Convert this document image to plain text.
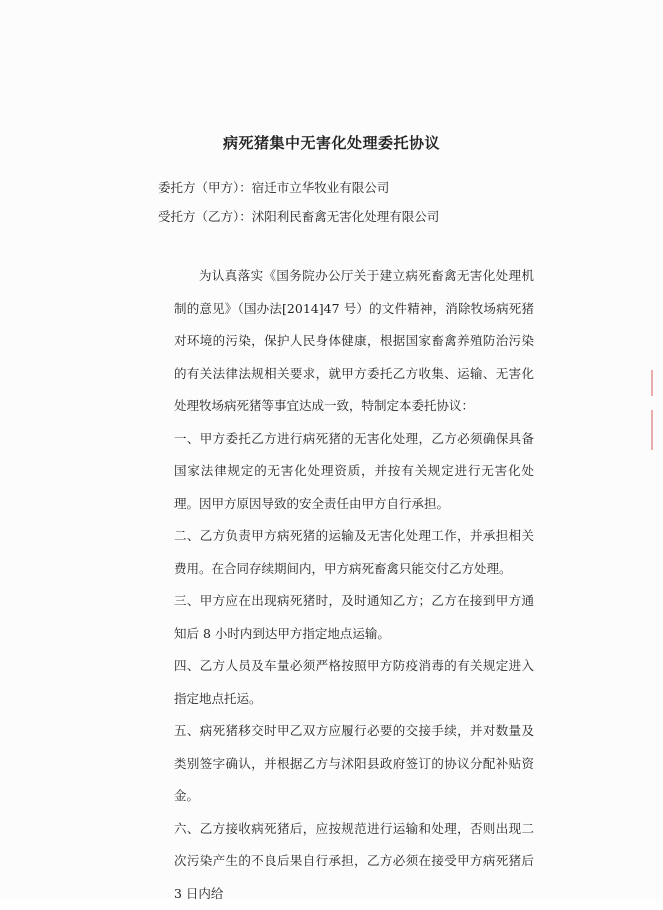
病死猪集中无害化处理委托协议
委托方（甲方）：宿迁市立华牧业有限公司
受托方（乙方）：沭阳利民畜禽无害化处理有限公司

为认真落实《国务院办公厅关于建立病死畜禽无害化处理机制的意见》（国办法[2014]47 号）的文件精神，消除牧场病死猪对环境的污染，保护人民身体健康，根据国家畜禽养殖防治污染的有关法律法规相关要求，就甲方委托乙方收集、运输、无害化处理牧场病死猪等事宜达成一致，特制定本委托协议：

一、甲方委托乙方进行病死猪的无害化处理，乙方必须确保具备国家法律规定的无害化处理资质，并按有关规定进行无害化处理。因甲方原因导致的安全责任由甲方自行承担。

二、乙方负责甲方病死猪的运输及无害化处理工作，并承担相关费用。在合同存续期间内，甲方病死畜禽只能交付乙方处理。

三、甲方应在出现病死猪时，及时通知乙方；乙方在接到甲方通知后 8 小时内到达甲方指定地点运输。

四、乙方人员及车量必须严格按照甲方防疫消毒的有关规定进入指定地点托运。

五、病死猪移交时甲乙双方应履行必要的交接手续，并对数量及类别签字确认，并根据乙方与沭阳县政府签订的协议分配补贴资金。

六、乙方接收病死猪后，应按规范进行运输和处理，否则出现二次污染产生的不良后果自行承担，乙方必须在接受甲方病死猪后 3 日内给
